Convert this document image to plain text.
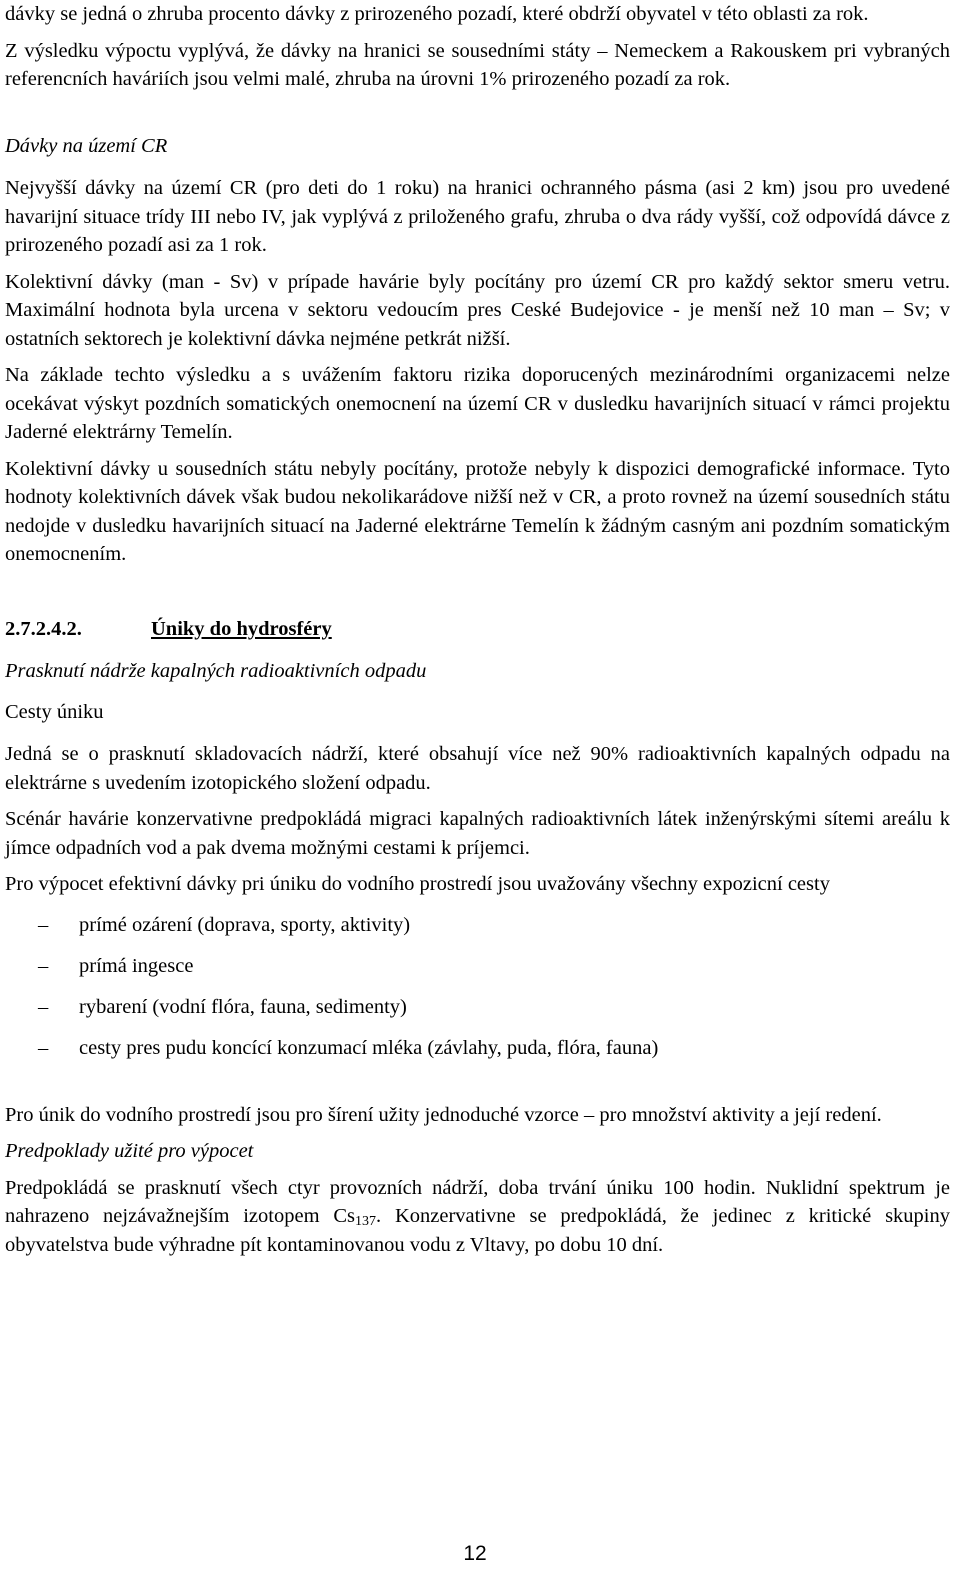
dávky se jedná o zhruba procento dávky z prirozeného pozadí, které obdrží obyvatel v této oblasti za rok.

Z výsledku výpoctu vyplývá, že dávky na hranici se sousedními státy – Nemeckem a Rakouskem pri vybraných referencních haváriích jsou velmi malé, zhruba na úrovni 1% prirozeného pozadí za rok.

Dávky na území CR

Nejvyšší dávky na území CR (pro deti do 1 roku) na hranici ochranného pásma (asi 2 km) jsou pro uvedené havarijní situace trídy III nebo IV, jak vyplývá z priloženého grafu, zhruba o dva rády vyšší, což odpovídá dávce z prirozeného pozadí asi za 1 rok.

Kolektivní dávky (man - Sv) v prípade havárie byly pocítány pro území CR pro každý sektor smeru vetru. Maximální hodnota byla urcena v sektoru vedoucím pres Ceské Budejovice - je menší než 10 man – Sv; v ostatních sektorech je kolektivní dávka nejméne petkrát nižší.

Na základe techto výsledku a s uvážením faktoru rizika doporucených mezinárodními organizacemi nelze ocekávat výskyt pozdních somatických onemocnení na území CR v dusledku havarijních situací v rámci projektu Jaderné elektrárny Temelín.

Kolektivní dávky u sousedních státu nebyly pocítány, protože nebyly k dispozici demografické informace. Tyto hodnoty kolektivních dávek však budou nekolikarádove nižší než v CR, a proto rovnež na území sousedních státu nedojde v dusledku havarijních situací na Jaderné elektrárne Temelín k žádným casným ani pozdním somatickým onemocnením.

2.7.2.4.2.	Úniky do hydrosféry

Prasknutí nádrže kapalných radioaktivních odpadu

Cesty úniku

Jedná se o prasknutí skladovacích nádrží, které obsahují více než 90% radioaktivních kapalných odpadu na elektrárne s uvedením izotopického složení odpadu.

Scénár havárie konzervativne predpokládá migraci kapalných radioaktivních látek inženýrskými sítemi areálu k jímce odpadních vod a pak dvema možnými cestami k príjemci.

Pro výpocet efektivní dávky pri úniku do vodního prostredí jsou uvažovány všechny expozicní cesty

–	prímé ozárení (doprava, sporty, aktivity)
–	prímá ingesce
–	rybarení (vodní flóra, fauna, sedimenty)
–	cesty pres pudu koncící konzumací mléka (závlahy, puda, flóra, fauna)

Pro únik do vodního prostredí jsou pro šírení užity jednoduché vzorce – pro množství aktivity a její redení.

Predpoklady užité pro výpocet

Predpokládá se prasknutí všech ctyr provozních nádrží, doba trvání úniku 100 hodin. Nuklidní spektrum je nahrazeno nejzávažnejším izotopem $Cs_{137}$. Konzervativne se predpokládá, že jedinec z kritické skupiny obyvatelstva bude výhradne pít kontaminovanou vodu z Vltavy, po dobu 10 dní.

12
